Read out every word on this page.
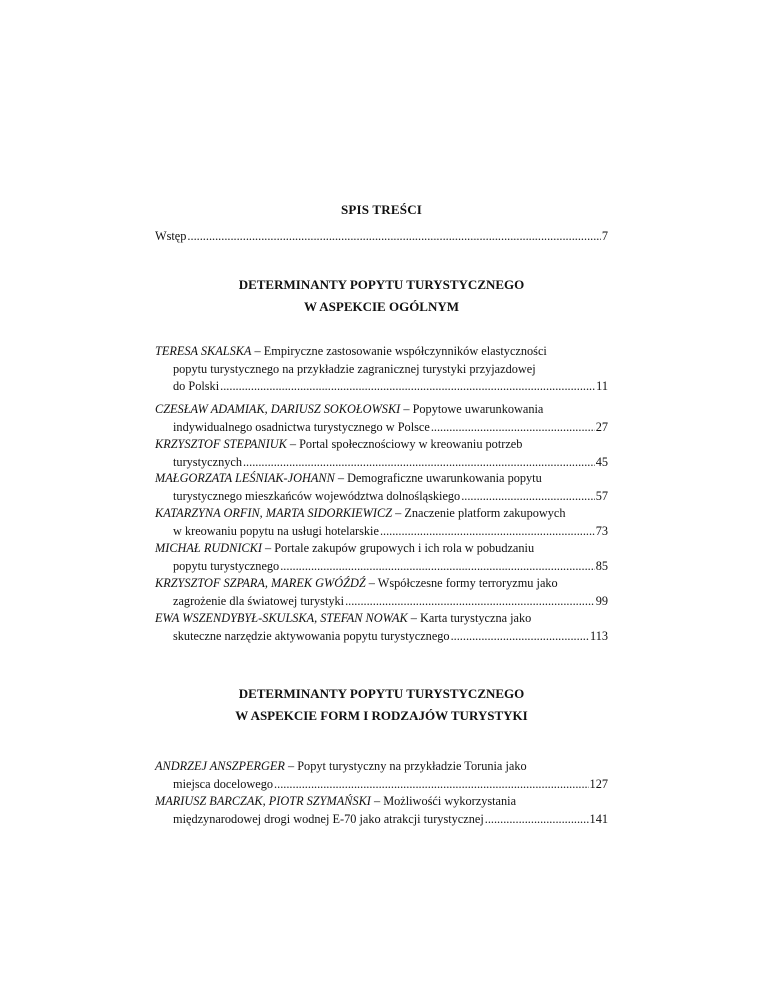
SPIS TREŚCI
Wstęp .....	7
DETERMINANTY POPYTU TURYSTYCZNEGO
W ASPEKCIE OGÓLNYM
TERESA SKALSKA – Empiryczne zastosowanie współczynników elastyczności
popytu turystycznego na przykładzie zagranicznej turystyki przyjazdowej
do Polski .....	11
CZESŁAW ADAMIAK, DARIUSZ SOKOŁOWSKI – Popytowe uwarunkowania
indywidualnego osadnictwa turystycznego w Polsce .....	27
KRZYSZTOF STEPANIUK – Portal społecznościowy w kreowaniu potrzeb
turystycznych .....	45
MAŁGORZATA LEŚNIAK-JOHANN – Demograficzne uwarunkowania popytu
turystycznego mieszkańców województwa dolnośląskiego .....	57
KATARZYNA ORFIN, MARTA SIDORKIEWICZ – Znaczenie platform zakupowych
w kreowaniu popytu na usługi hotelarskie .....	73
MICHAŁ RUDNICKI – Portale zakupów grupowych i ich rola w pobudzaniu
popytu turystycznego .....	85
KRZYSZTOF SZPARA, MAREK GWÓŹDŹ – Współczesne formy terroryzmu jako
zagrożenie dla światowej turystyki .....	99
EWA WSZENDYBYŁ-SKULSKA, STEFAN NOWAK – Karta turystyczna jako
skuteczne narzędzie aktywowania popytu turystycznego .....	113
DETERMINANTY POPYTU TURYSTYCZNEGO
W ASPEKCIE FORM I RODZAJÓW TURYSTYKI
ANDRZEJ ANSZPERGER – Popyt turystyczny na przykładzie Torunia jako
miejsca docelowego .....	127
MARIUSZ BARCZAK, PIOTR SZYMAŃSKI – Możliwośći wykorzystania
międzynarodowej drogi wodnej E-70 jako atrakcji turystycznej .....	141
